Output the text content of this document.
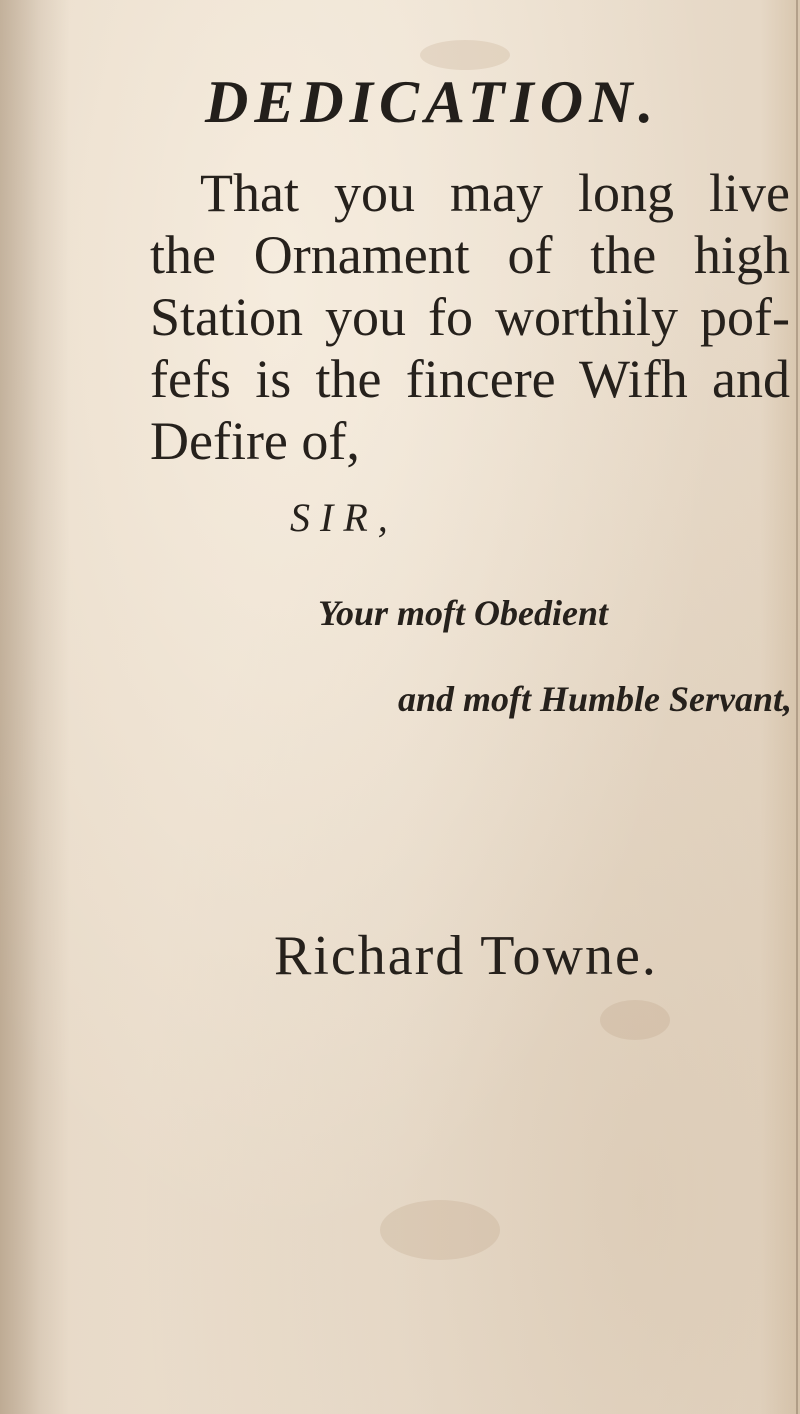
DEDICATION.
That you may long live
the Ornament of the high
Station you fo worthily pof-
fefs is the fincere Wifh and
Defire of,
SIR,
Your moft Obedient
and moft Humble Servant,
Richard Towne.
